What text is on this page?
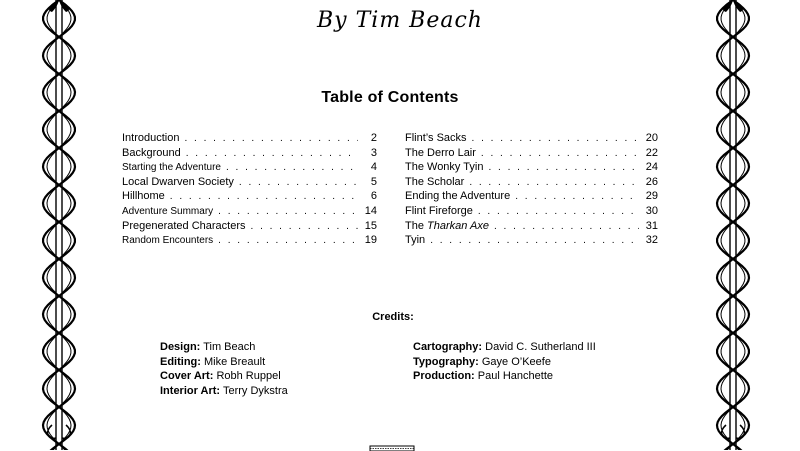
By Tim Beach
Table of Contents
Introduction . . .	2
Background . . .	3
Starting the Adventure . . .	4
Local Dwarven Society . . .	5
Hillhome . . .	6
Adventure Summary . . .	14
Pregenerated Characters . . .	15
Random Encounters . . .	19
Flint’s Sacks . . .	20
The Derro Lair . . .	22
The Wonky Tyin . . .	24
The Scholar . . .	26
Ending the Adventure . . .	29
Flint Fireforge . . .	30
The Tharkan Axe . . .	31
Tyin . . .	32
Credits:
Design: Tim Beach
Editing: Mike Breault
Cover Art: Robh Ruppel
Interior Art: Terry Dykstra
Cartography: David C. Sutherland III
Typography: Gaye O’Keefe
Production: Paul Hanchette
